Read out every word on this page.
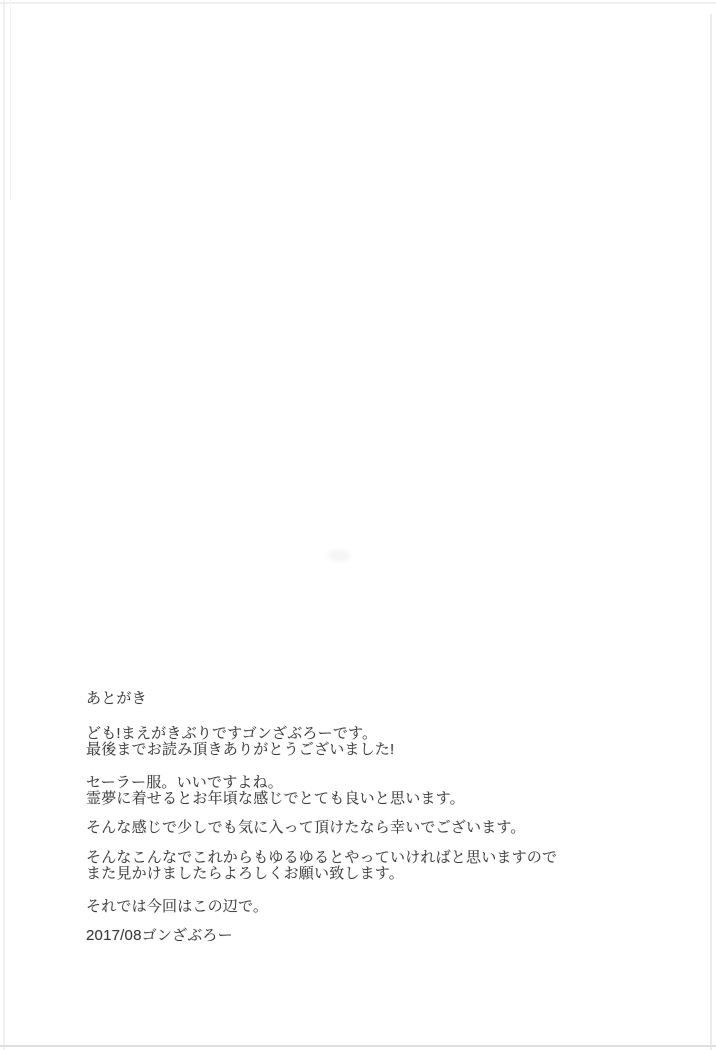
あとがき

ども!まえがきぶりですゴンざぶろーです。
最後までお読み頂きありがとうございました!

セーラー服。いいですよね。
霊夢に着せるとお年頃な感じでとても良いと思います。

そんな感じで少しでも気に入って頂けたなら幸いでございます。

そんなこんなでこれからもゆるゆるとやっていければと思いますので
また見かけましたらよろしくお願い致します。

それでは今回はこの辺で。

2017/08ゴンざぶろー
